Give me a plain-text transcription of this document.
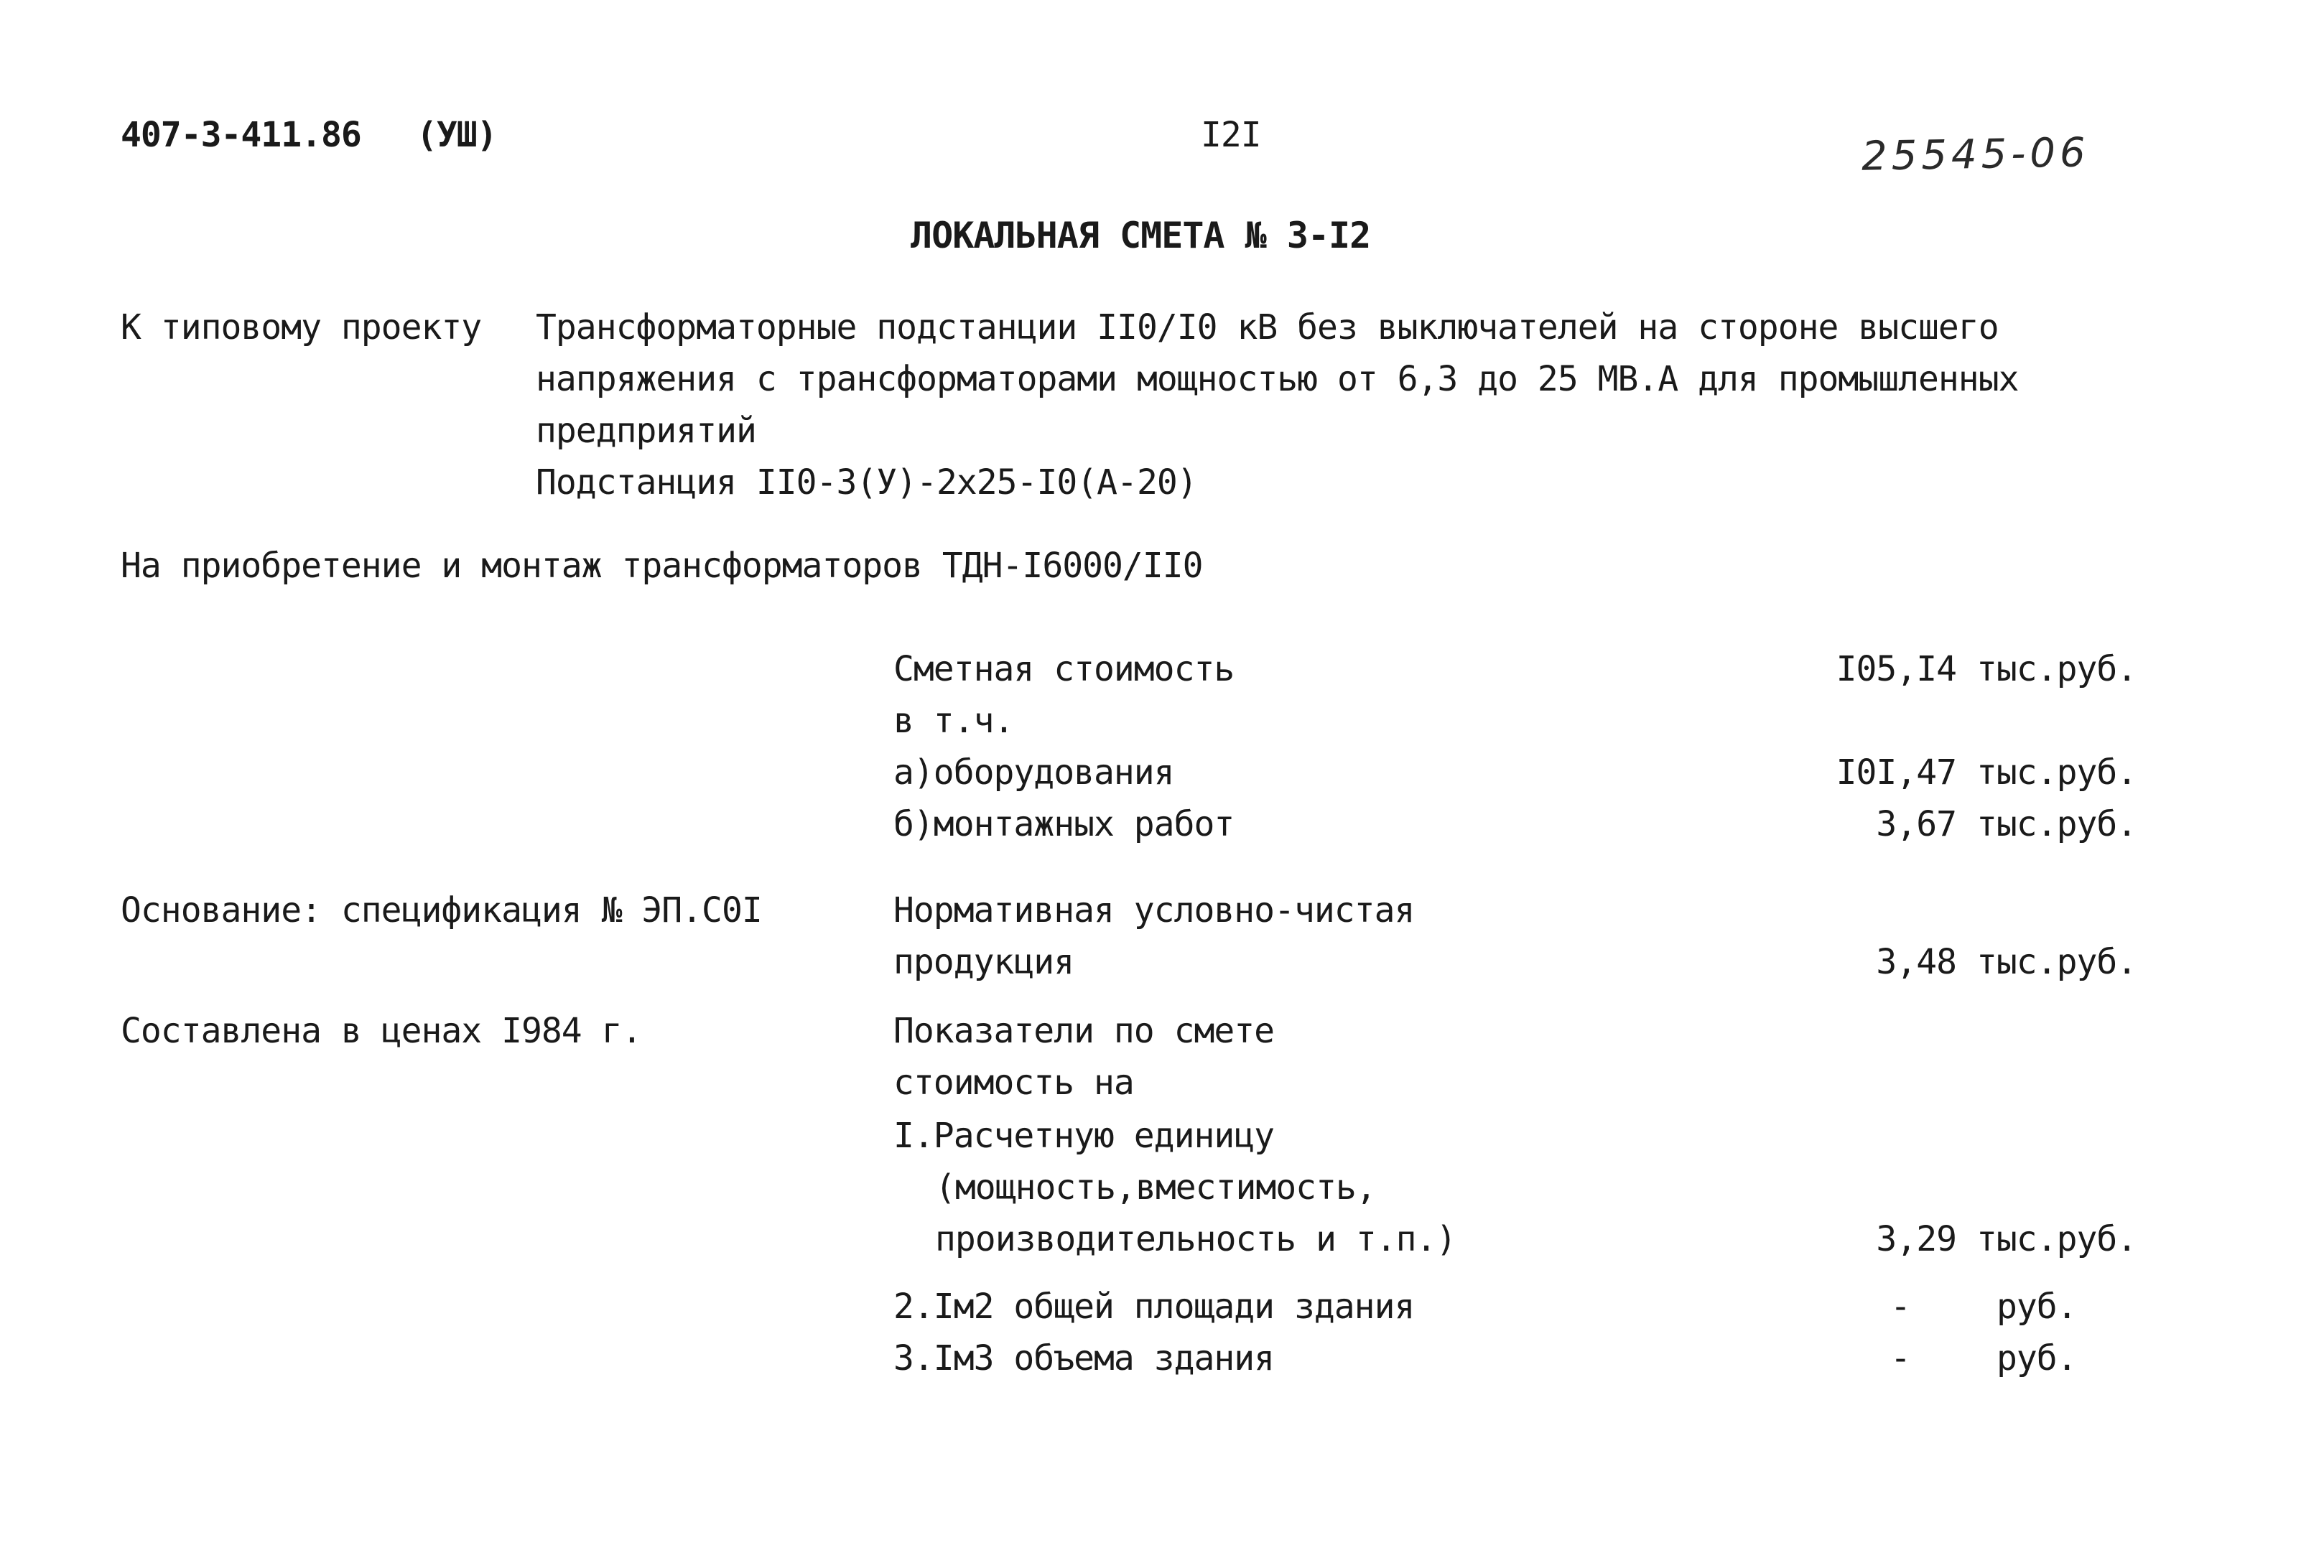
407-3-411.86 (УШ)	I2I	25545-06
ЛОКАЛЬНАЯ СМЕТА № 3-I2
К типовому проекту Трансформаторные подстанции II0/I0 кВ без выключателей на стороне высшего
напряжения с трансформаторами мощностью от 6,3 до 25 МВ.А для промышленных
предприятий
Подстанция II0-3(У)-2х25-I0(А-20)
На приобретение и монтаж трансформаторов ТДН-I6000/II0
Сметная стоимость	I05,I4 тыс.руб.
в т.ч.
а)оборудования	I0I,47 тыс.руб.
б)монтажных работ	3,67 тыс.руб.
Основание: спецификация № ЭП.С0I	Нормативная условно-чистая
продукция	3,48 тыс.руб.
Составлена в ценах I984 г.	Показатели по смете
стоимость на
I.Расчетную единицу
(мощность,вместимость,
производительность и т.п.)	3,29 тыс.руб.
2.Iм2 общей площади здания	-	руб.
3.Iм3 объема здания	-	руб.
